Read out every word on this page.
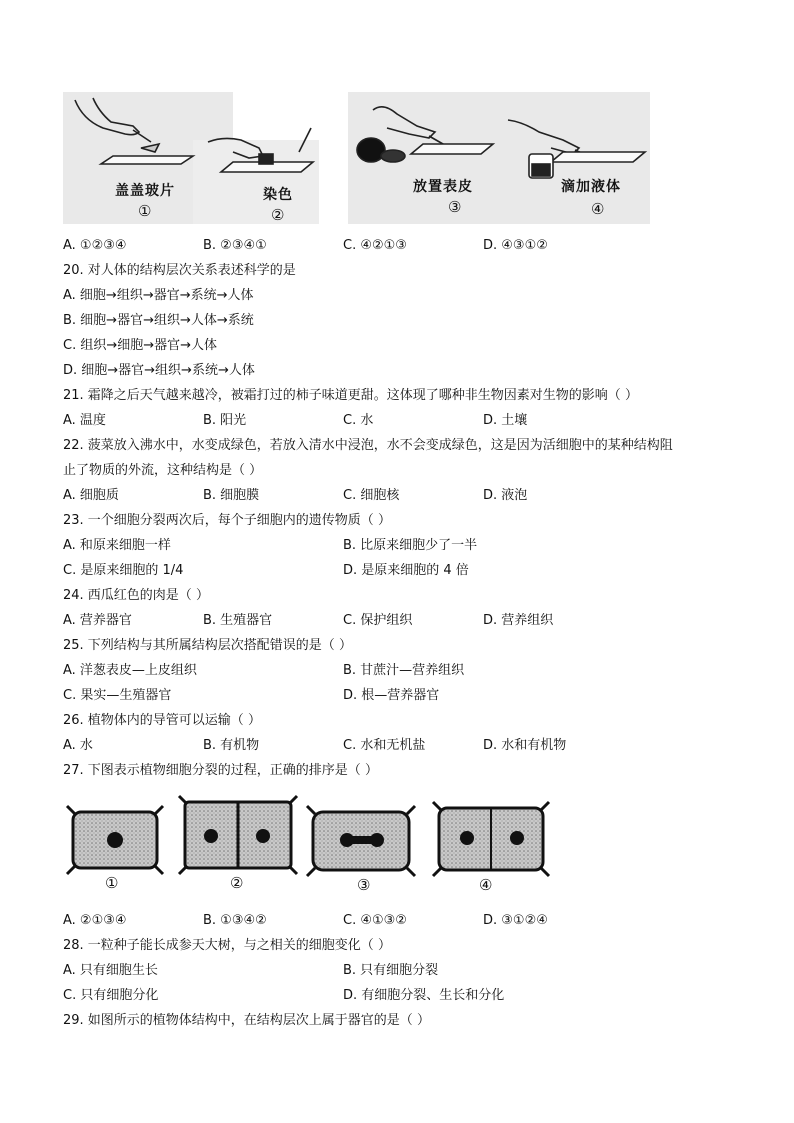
盖盖玻片	染色	放置表皮	滴加液体
①	②	③	④
A. ①②③④	B. ②③④①	C. ④②①③	D. ④③①②
20. 对人体的结构层次关系表述科学的是
A. 细胞→组织→器官→系统→人体
B. 细胞→器官→组织→人体→系统
C. 组织→细胞→器官→人体
D. 细胞→器官→组织→系统→人体
21. 霜降之后天气越来越冷，被霜打过的柿子味道更甜。这体现了哪种非生物因素对生物的影响（ ）
A. 温度	B. 阳光	C. 水	D. 土壤
22. 菠菜放入沸水中，水变成绿色，若放入清水中浸泡，水不会变成绿色，这是因为活细胞中的某种结构阻
止了物质的外流，这种结构是（ ）
A. 细胞质	B. 细胞膜	C. 细胞核	D. 液泡
23. 一个细胞分裂两次后，每个子细胞内的遗传物质（ ）
A. 和原来细胞一样	B. 比原来细胞少了一半
C. 是原来细胞的 1/4	D. 是原来细胞的 4 倍
24. 西瓜红色的肉是（ ）
A. 营养器官	B. 生殖器官	C. 保护组织	D. 营养组织
25. 下列结构与其所属结构层次搭配错误的是（ ）
A. 洋葱表皮—上皮组织	B. 甘蔗汁—营养组织
C. 果实—生殖器官	D. 根—营养器官
26. 植物体内的导管可以运输（ ）
A. 水	B. 有机物	C. 水和无机盐	D. 水和有机物
27. 下图表示植物细胞分裂的过程，正确的排序是（ ）
①	②	③	④
A. ②①③④	B. ①③④②	C. ④①③②	D. ③①②④
28. 一粒种子能长成参天大树，与之相关的细胞变化（ ）
A. 只有细胞生长	B. 只有细胞分裂
C. 只有细胞分化	D. 有细胞分裂、生长和分化
29. 如图所示的植物体结构中，在结构层次上属于器官的是（ ）
